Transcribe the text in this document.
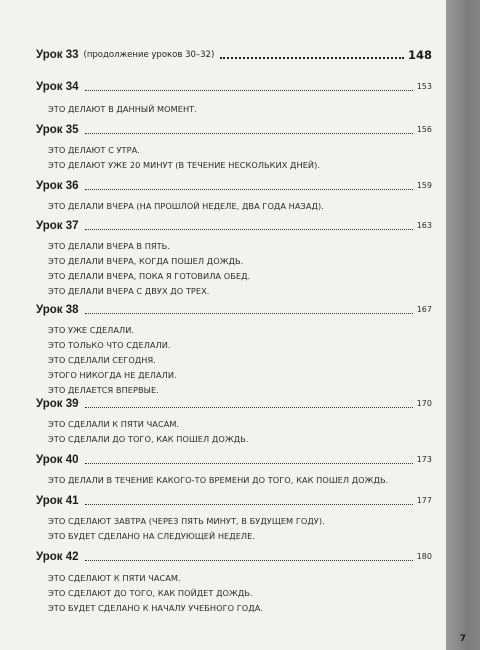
Урок 33 (продолжение уроков 30–32)	148
Урок 34	153
ЭТО ДЕЛАЮТ В ДАННЫЙ МОМЕНТ.
Урок 35	156
ЭТО ДЕЛАЮТ С УТРА.
ЭТО ДЕЛАЮТ УЖЕ 20 МИНУТ (В ТЕЧЕНИЕ НЕСКОЛЬКИХ ДНЕЙ).
Урок 36	159
ЭТО ДЕЛАЛИ ВЧЕРА (НА ПРОШЛОЙ НЕДЕЛЕ, ДВА ГОДА НАЗАД).
Урок 37	163
ЭТО ДЕЛАЛИ ВЧЕРА В ПЯТЬ.
ЭТО ДЕЛАЛИ ВЧЕРА, КОГДА ПОШЕЛ ДОЖДЬ.
ЭТО ДЕЛАЛИ ВЧЕРА, ПОКА Я ГОТОВИЛА ОБЕД.
ЭТО ДЕЛАЛИ ВЧЕРА С ДВУХ ДО ТРЕХ.
Урок 38	167
ЭТО УЖЕ СДЕЛАЛИ.
ЭТО ТОЛЬКО ЧТО СДЕЛАЛИ.
ЭТО СДЕЛАЛИ СЕГОДНЯ.
ЭТОГО НИКОГДА НЕ ДЕЛАЛИ.
ЭТО ДЕЛАЕТСЯ ВПЕРВЫЕ.
Урок 39	170
ЭТО СДЕЛАЛИ К ПЯТИ ЧАСАМ.
ЭТО СДЕЛАЛИ ДО ТОГО, КАК ПОШЕЛ ДОЖДЬ.
Урок 40	173
ЭТО ДЕЛАЛИ В ТЕЧЕНИЕ КАКОГО-ТО ВРЕМЕНИ ДО ТОГО, КАК ПОШЕЛ ДОЖДЬ.
Урок 41	177
ЭТО СДЕЛАЮТ ЗАВТРА (ЧЕРЕЗ ПЯТЬ МИНУТ, В БУДУЩЕМ ГОДУ).
ЭТО БУДЕТ СДЕЛАНО НА СЛЕДУЮЩЕЙ НЕДЕЛЕ.
Урок 42	180
ЭТО СДЕЛАЮТ К ПЯТИ ЧАСАМ.
ЭТО СДЕЛАЮТ ДО ТОГО, КАК ПОЙДЕТ ДОЖДЬ.
ЭТО БУДЕТ СДЕЛАНО К НАЧАЛУ УЧЕБНОГО ГОДА.
7
